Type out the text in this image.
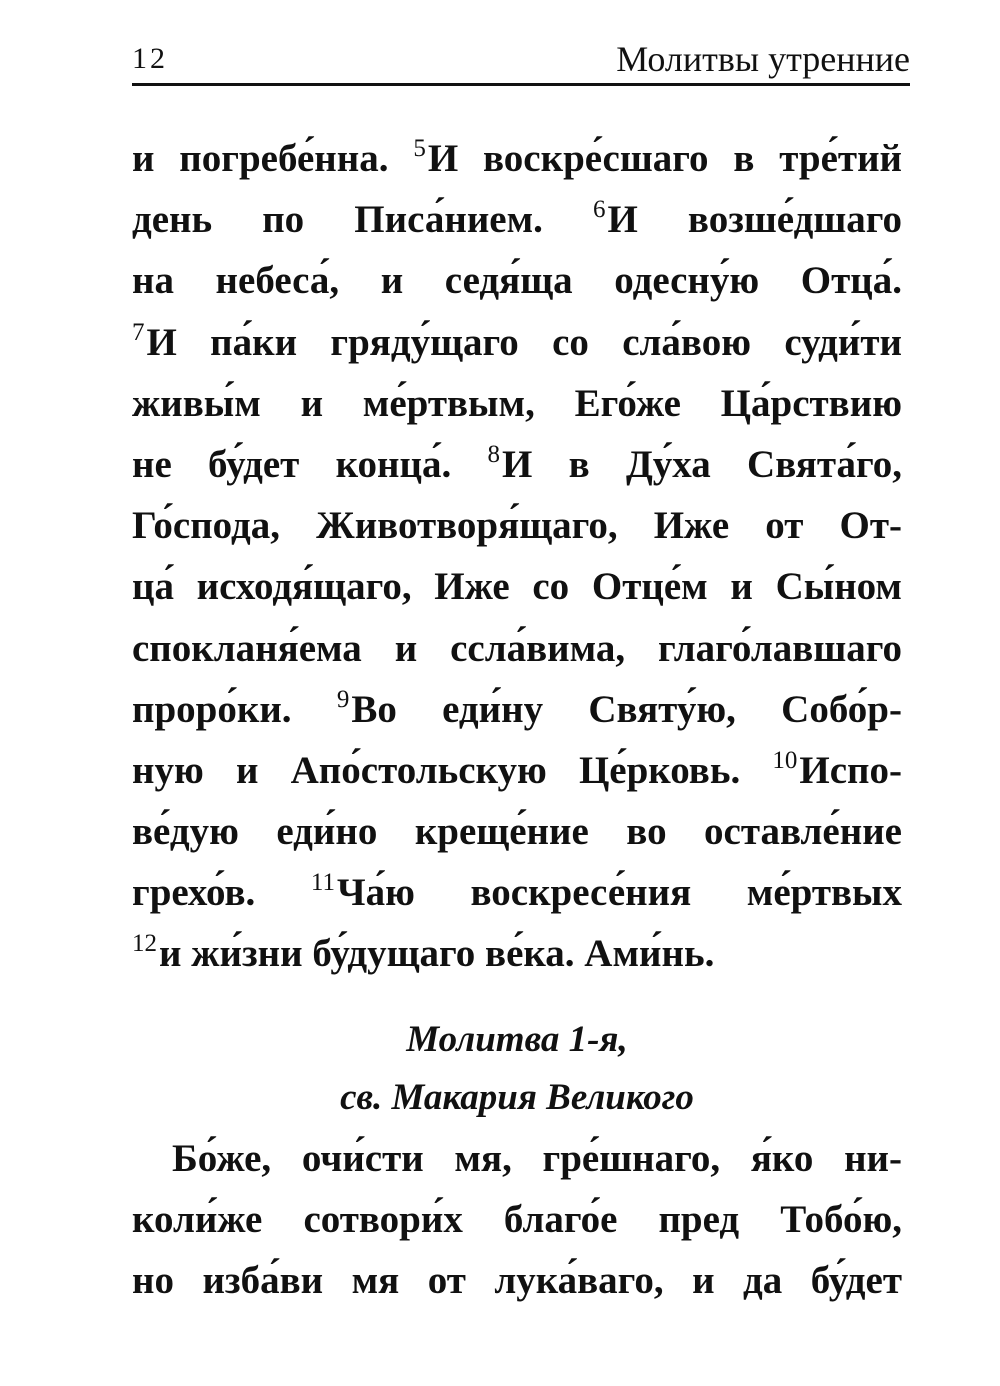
12	Молитвы утренние
и погребе́нна. $^5$И воскре́сшаго в тре́тий
день по Писа́нием. $^6$И возше́дшаго
на небеса́, и седя́ща одесну́ю Отца́.
$^7$И па́ки гряду́щаго со сла́вою суди́ти
живы́м и ме́ртвым, Его́же Ца́рствию
не бу́дет конца́. $^8$И в Ду́ха Свята́го,
Го́спода, Животворя́щаго, Иже от От-
ца́ исходя́щаго, Иже со Отце́м и Сы́ном
спокланя́ема и ссла́вима, глаго́лавшаго
проро́ки. $^9$Во еди́ну Святу́ю, Собо́р-
ную и Апо́стольскую Це́рковь. $^{10}$Испо-
ве́дую еди́но креще́ние во оставле́ние
грехо́в. $^{11}$Ча́ю воскресе́ния ме́ртвых
$^{12}$и жи́зни бу́дущаго ве́ка. Ами́нь.
Молитва 1-я,
св. Макария Великого
Бо́же, очи́сти мя, гре́шнаго, я́ко ни-
коли́же сотвори́х благо́е пред Тобо́ю,
но изба́ви мя от лука́ваго, и да бу́дет
